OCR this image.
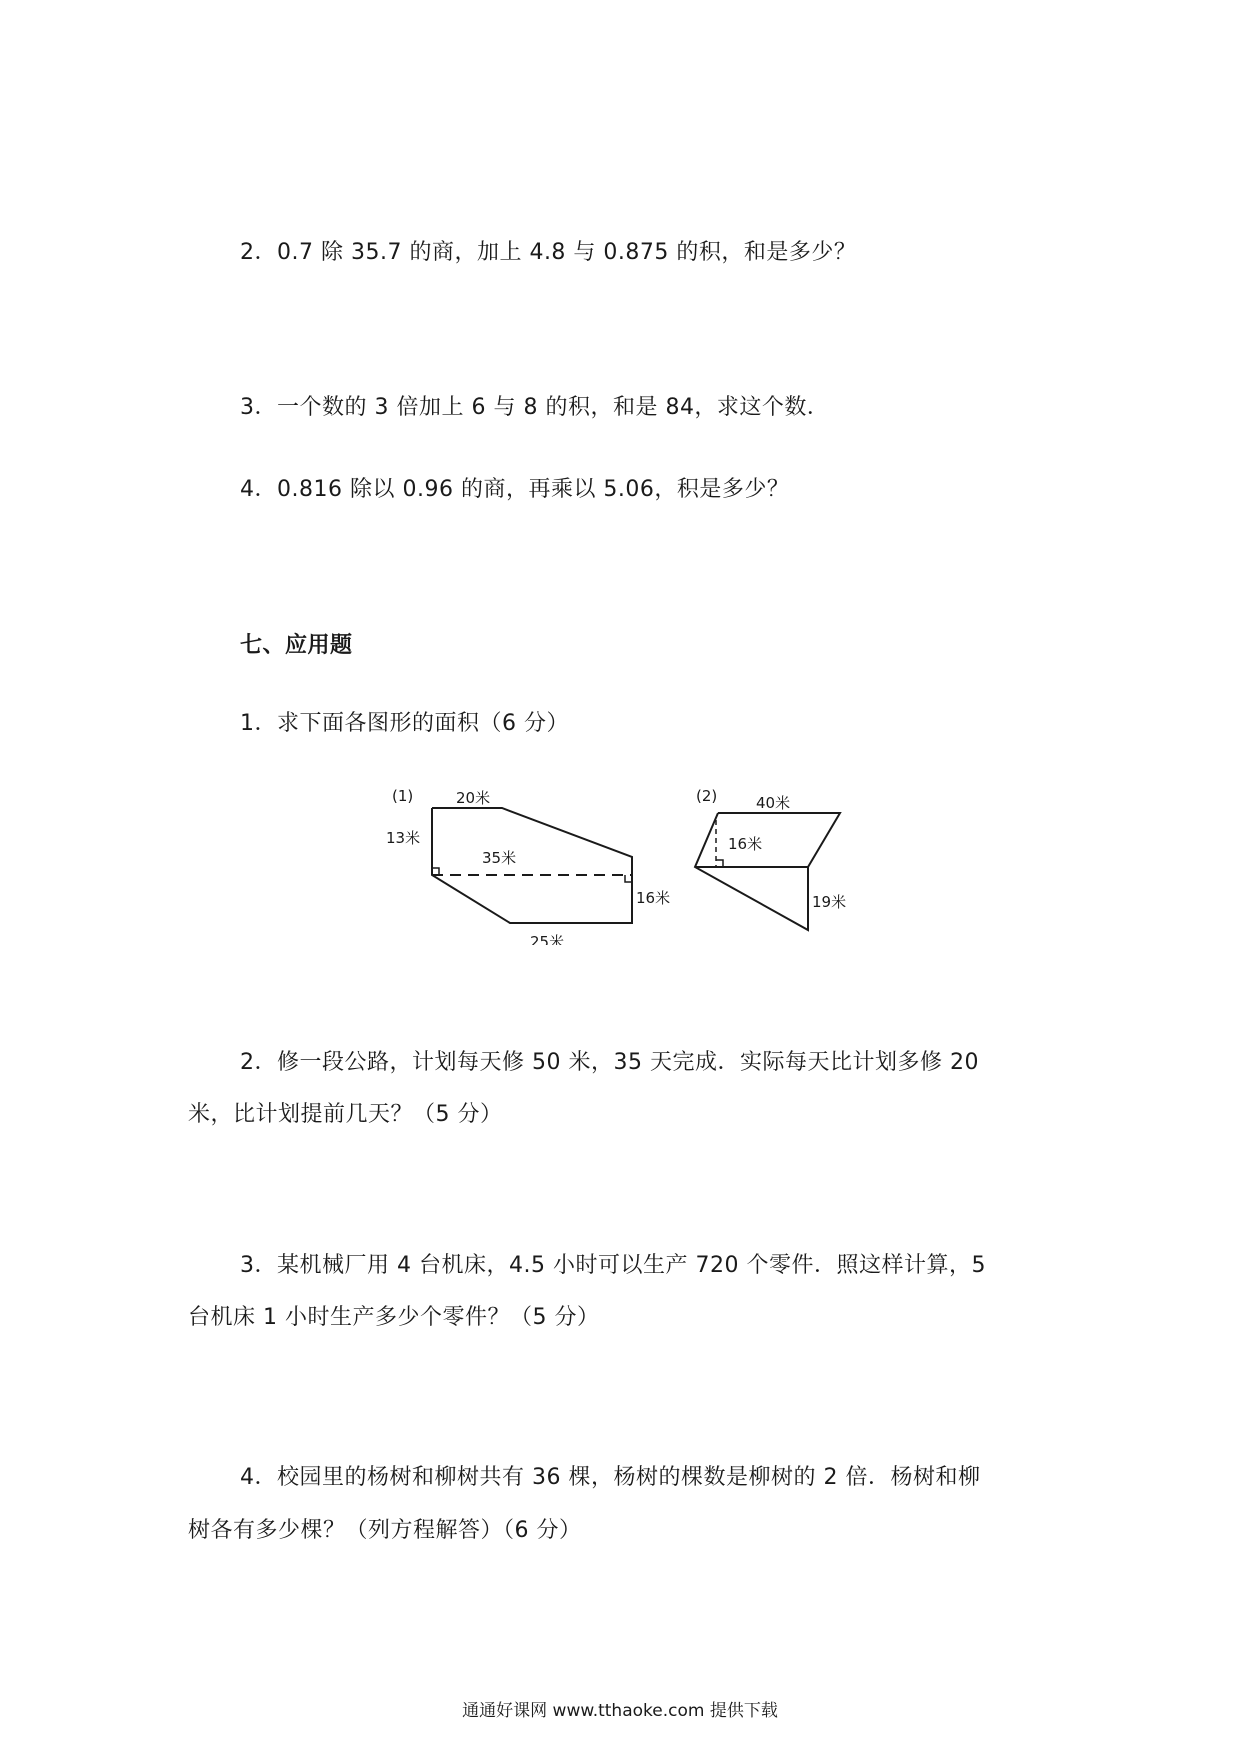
2．0.7 除 35.7 的商，加上 4.8 与 0.875 的积，和是多少？
3．一个数的 3 倍加上 6 与 8 的积，和是 84，求这个数．
4．0.816 除以 0.96 的商，再乘以 5.06，积是多少？
七、应用题
1．求下面各图形的面积（6 分）
(1)	20米
13米
35米
16米
25米
(2)	40米
16米
19米
2．修一段公路，计划每天修 50 米，35 天完成．实际每天比计划多修 20
米，比计划提前几天？（5 分）
3．某机械厂用 4 台机床，4.5 小时可以生产 720 个零件．照这样计算，5
台机床 1 小时生产多少个零件？（5 分）
4．校园里的杨树和柳树共有 36 棵，杨树的棵数是柳树的 2 倍．杨树和柳
树各有多少棵？（列方程解答）（6 分）
通通好课网 www.tthaoke.com 提供下载
